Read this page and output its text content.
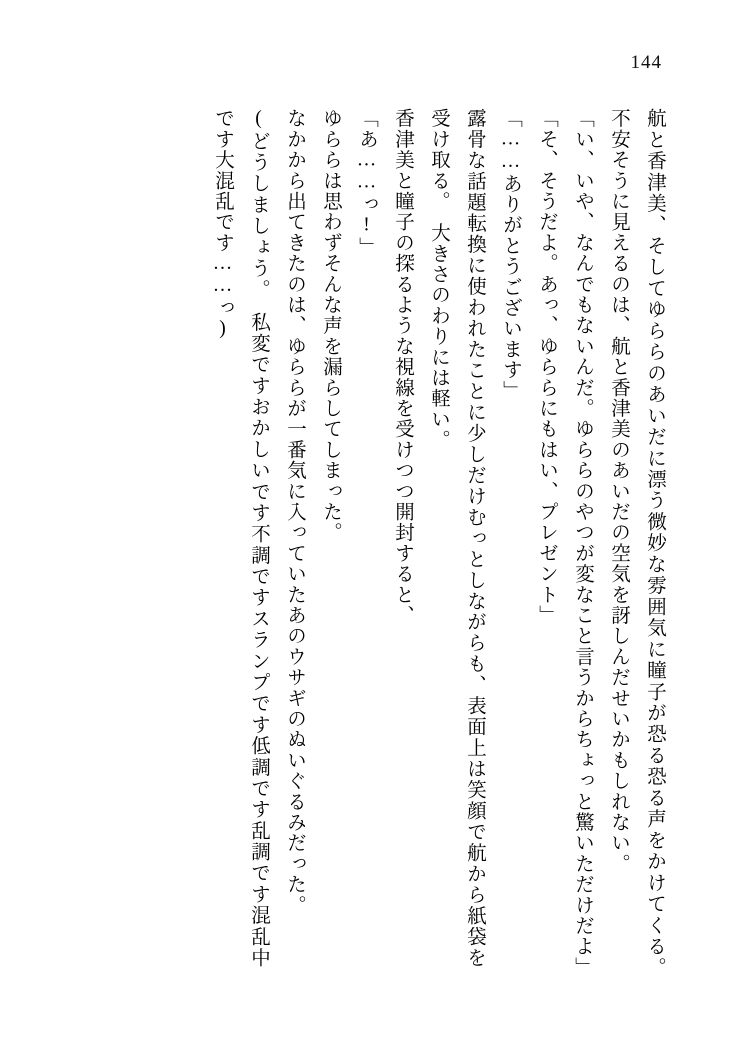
144

航と香津美、そしてゆららのあいだに漂う微妙な雰囲気に瞳子が恐る恐る声をかけてくる。　不安そうに見えるのは、航と香津美のあいだの空気を訝しんだせいかもしれない。

「い、いや、なんでもないんだ。ゆららのやつが変なこと言うからちょっと驚いただけだよ」

「そ、そうだよ。あっ、ゆららにもはい、プレゼント」

「……ありがとうございます」

露骨な話題転換に使われたことに少しだけむっとしながらも、表面上は笑顔で航から紙袋を受け取る。　大きさのわりには軽い。

香津美と瞳子の探るような視線を受けつつ開封すると、

「あ……っ!」

ゆららは思わずそんな声を漏らしてしまった。

なかから出てきたのは、ゆららが一番気に入っていたあのウサギのぬいぐるみだった。

(どうしましょう。　私変ですおかしいです不調ですスランプです低調です乱調です混乱中です大混乱です……っ)
